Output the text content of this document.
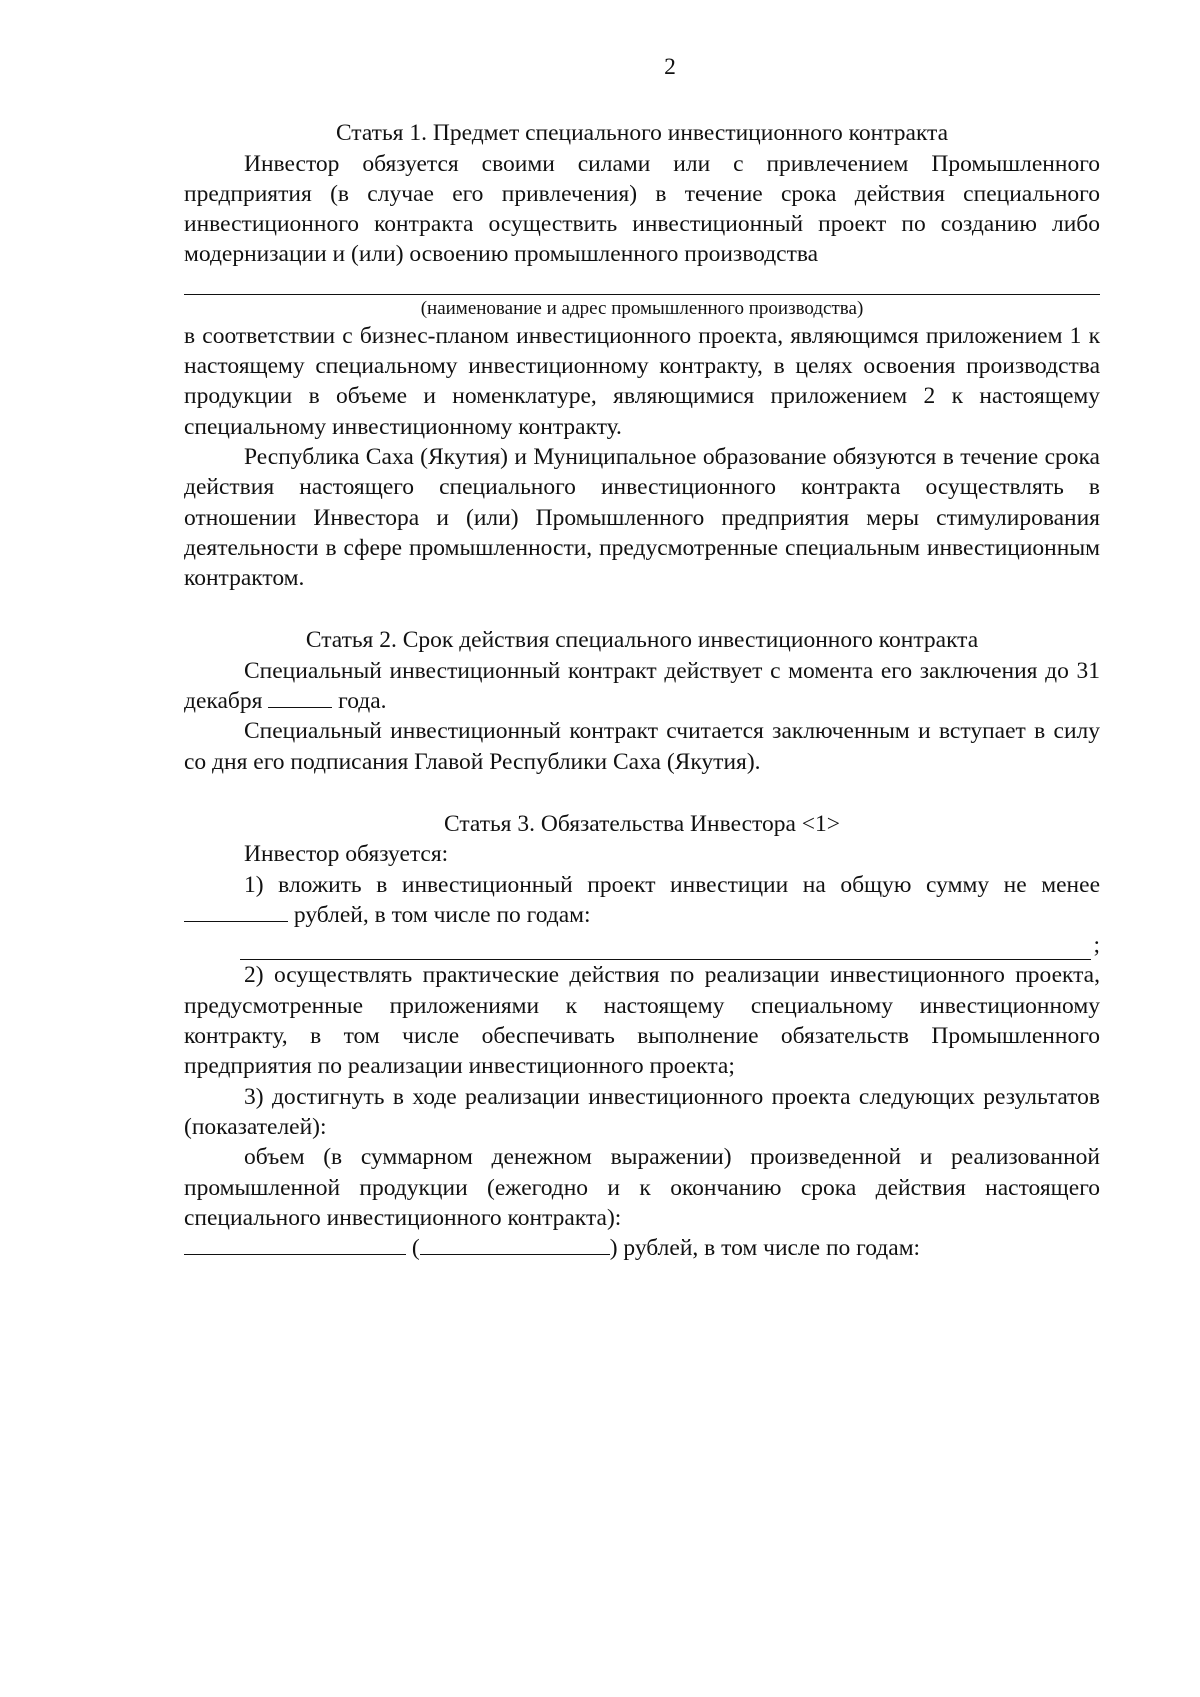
2

Статья 1. Предмет специального инвестиционного контракта

Инвестор обязуется своими силами или с привлечением Промышленного предприятия (в случае его привлечения) в течение срока действия специального инвестиционного контракта осуществить инвестиционный проект по созданию либо модернизации и (или) освоению промышленного производства

(наименование и адрес промышленного производства)

в соответствии с бизнес-планом инвестиционного проекта, являющимся приложением 1 к настоящему специальному инвестиционному контракту, в целях освоения производства продукции в объеме и номенклатуре, являющимися приложением 2 к настоящему специальному инвестиционному контракту.

Республика Саха (Якутия) и Муниципальное образование обязуются в течение срока действия настоящего специального инвестиционного контракта осуществлять в отношении Инвестора и (или) Промышленного предприятия меры стимулирования деятельности в сфере промышленности, предусмотренные специальным инвестиционным контрактом.

Статья 2. Срок действия специального инвестиционного контракта

Специальный инвестиционный контракт действует с момента его заключения до 31 декабря	года.

Специальный инвестиционный контракт считается заключенным и вступает в силу со дня его подписания Главой Республики Саха (Якутия).

Статья 3. Обязательства Инвестора <1>

Инвестор обязуется:

1) вложить в инвестиционный проект инвестиции на общую сумму не менее  рублей, в том числе по годам:

;

2) осуществлять практические действия по реализации инвестиционного проекта, предусмотренные приложениями к настоящему специальному инвестиционному контракту, в том числе обеспечивать выполнение обязательств Промышленного предприятия по реализации инвестиционного проекта;

3) достигнуть в ходе реализации инвестиционного проекта следующих результатов (показателей):

объем (в суммарном денежном выражении) произведенной и реализованной промышленной продукции (ежегодно и к окончанию срока действия настоящего специального инвестиционного контракта):

(	) рублей, в том числе по годам:
